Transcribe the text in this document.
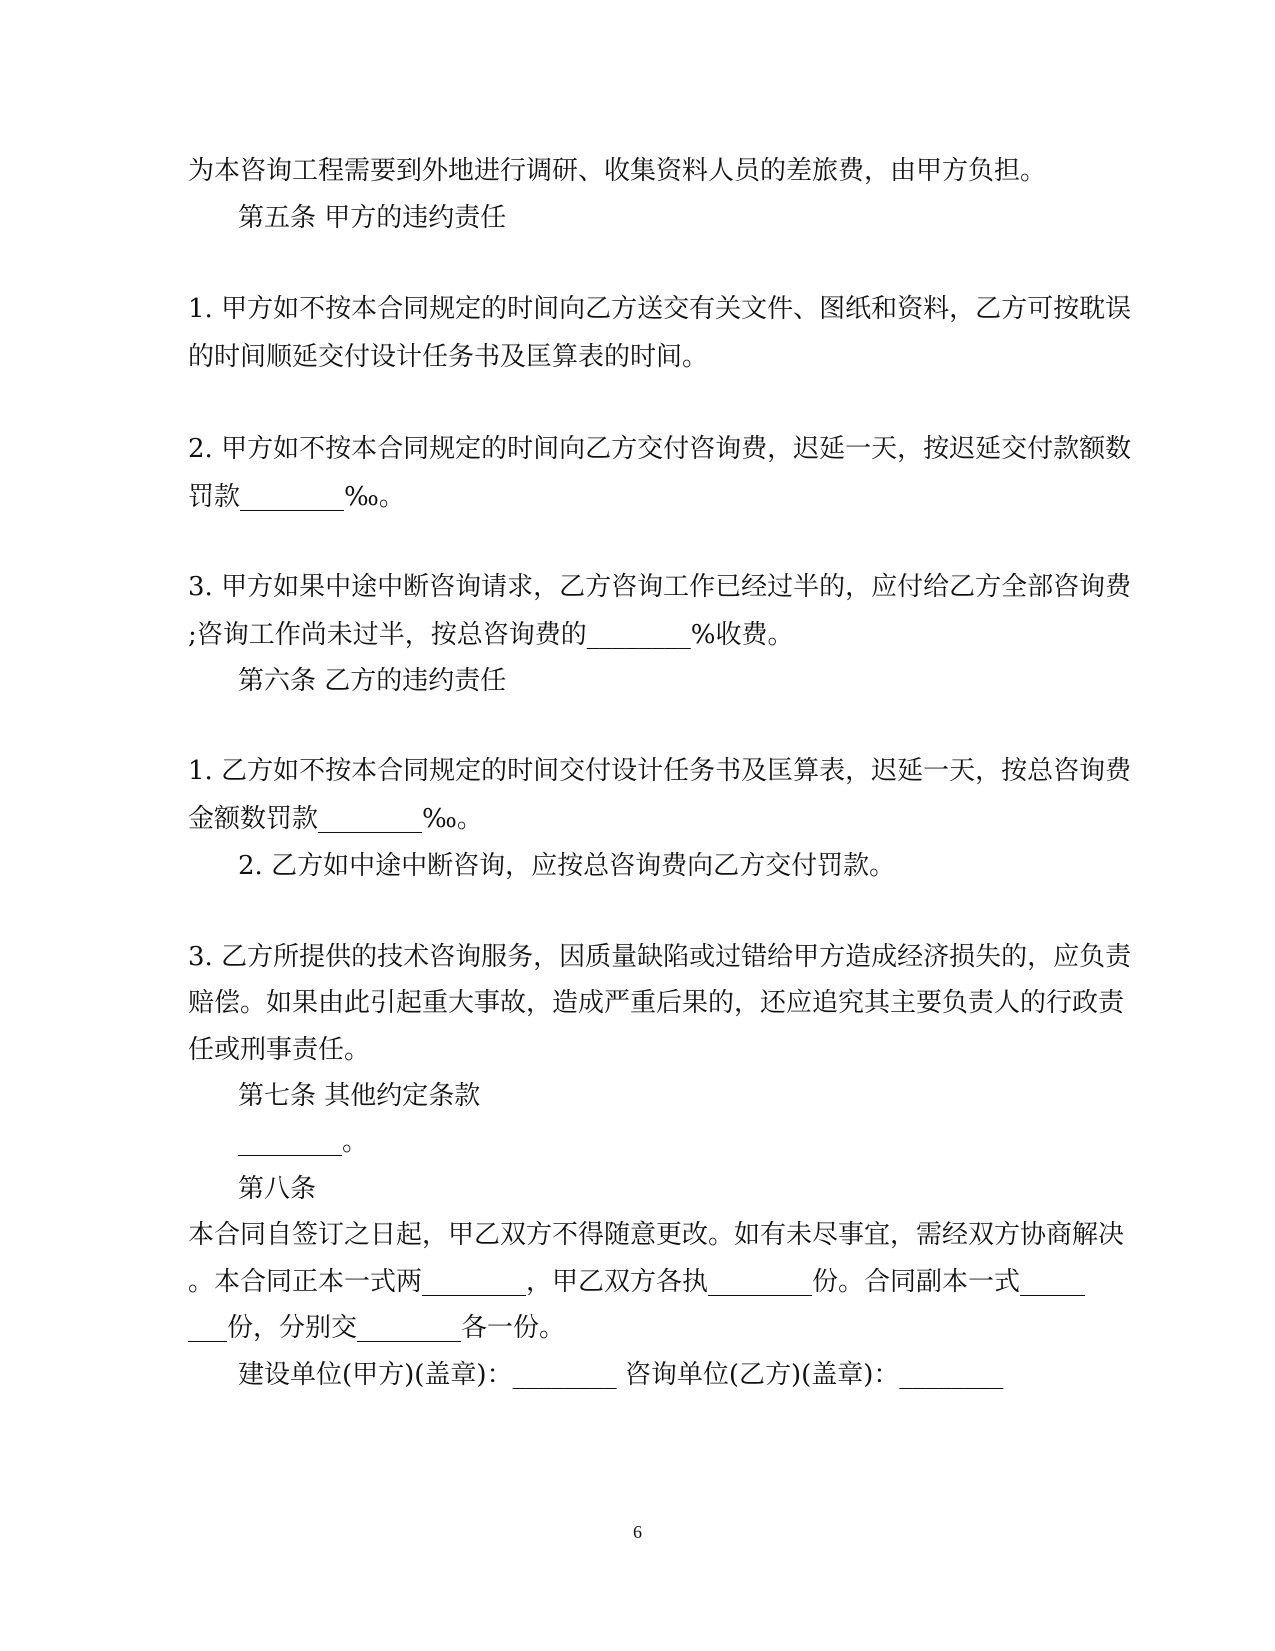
为本咨询工程需要到外地进行调研、收集资料人员的差旅费，由甲方负担。
第五条 甲方的违约责任
1. 甲方如不按本合同规定的时间向乙方送交有关文件、图纸和资料，乙方可按耽误
的时间顺延交付设计任务书及匡算表的时间。
2. 甲方如不按本合同规定的时间向乙方交付咨询费，迟延一天，按迟延交付款额数
罚款________‰。
3. 甲方如果中途中断咨询请求，乙方咨询工作已经过半的，应付给乙方全部咨询费
;咨询工作尚未过半，按总咨询费的________%收费。
第六条 乙方的违约责任
1. 乙方如不按本合同规定的时间交付设计任务书及匡算表，迟延一天，按总咨询费
金额数罚款________‰。
2. 乙方如中途中断咨询，应按总咨询费向乙方交付罚款。
3. 乙方所提供的技术咨询服务，因质量缺陷或过错给甲方造成经济损失的，应负责
赔偿。如果由此引起重大事故，造成严重后果的，还应追究其主要负责人的行政责
任或刑事责任。
第七条 其他约定条款
________。
第八条
本合同自签订之日起，甲乙双方不得随意更改。如有未尽事宜，需经双方协商解决
。本合同正本一式两________，甲乙双方各执________份。合同副本一式_____
___份，分别交________各一份。
建设单位(甲方)(盖章)：________ 咨询单位(乙方)(盖章)：________
6
